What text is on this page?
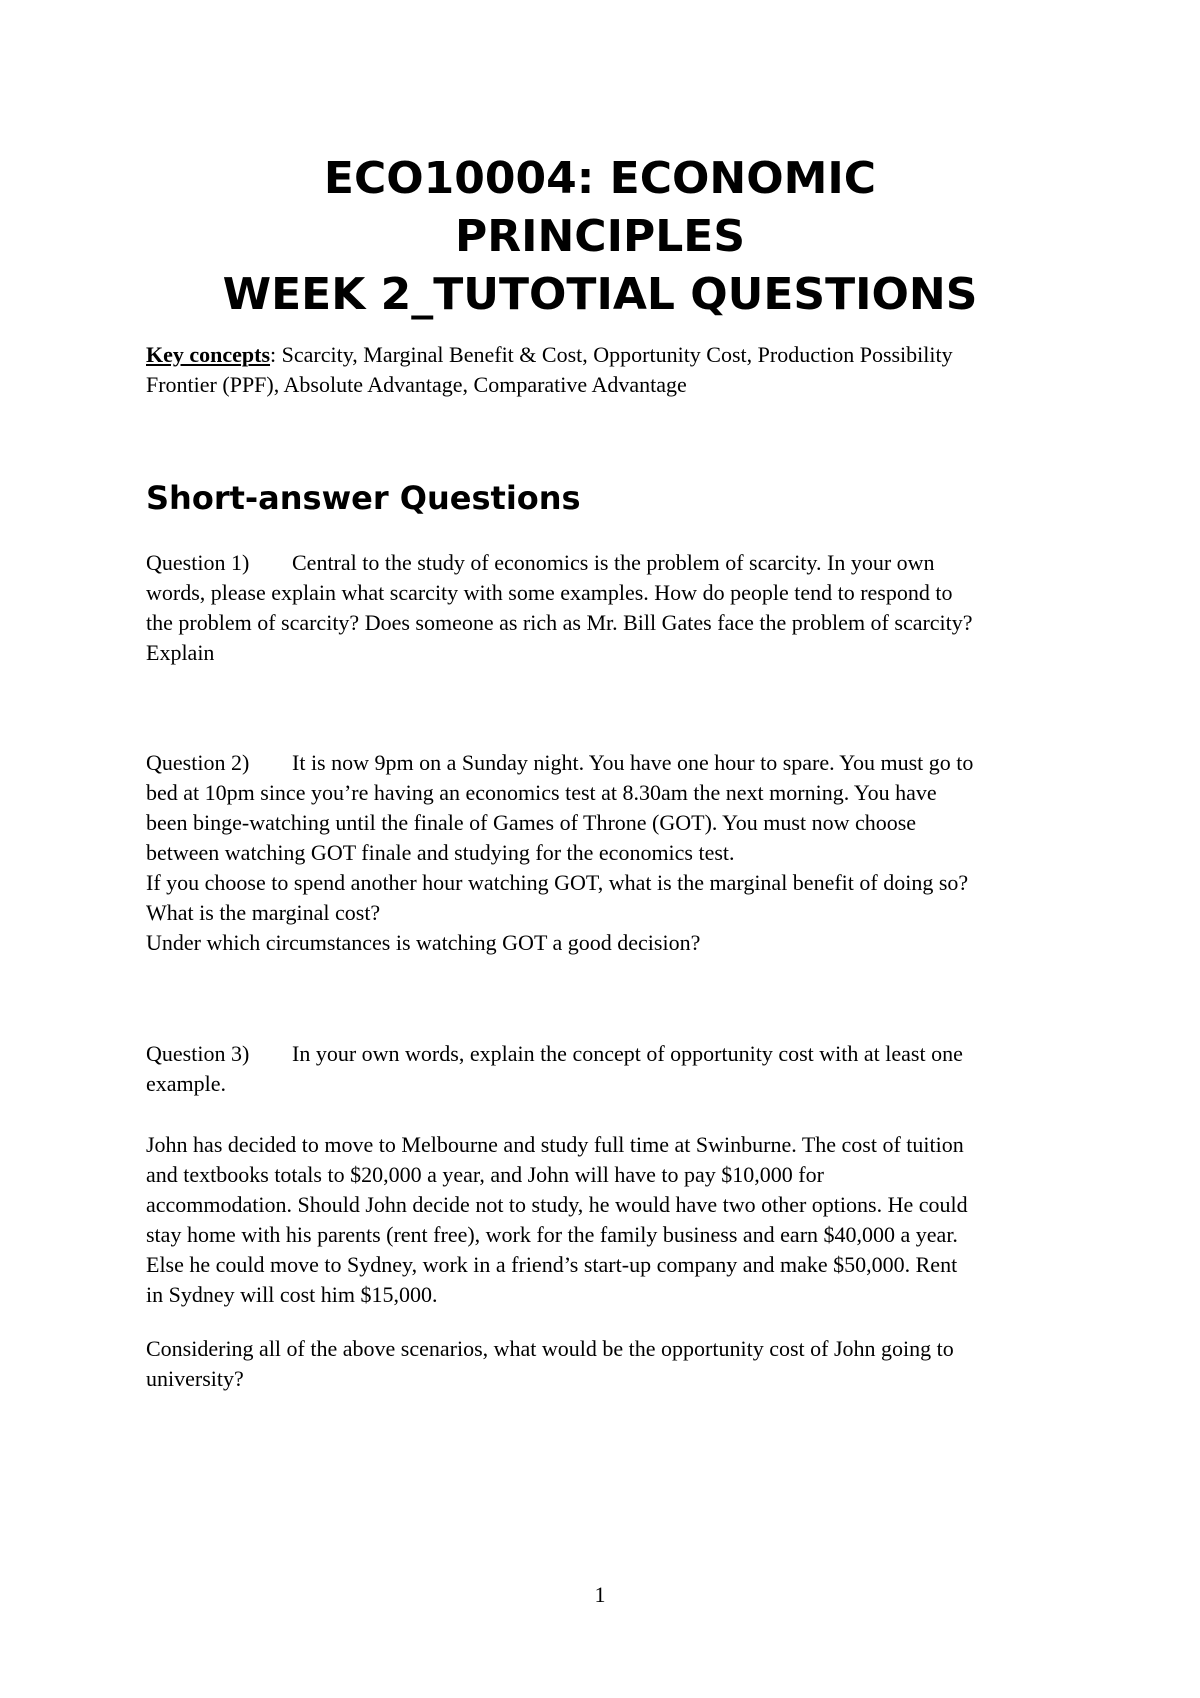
ECO10004: ECONOMIC
PRINCIPLES
WEEK 2_TUTOTIAL QUESTIONS

Key concepts: Scarcity, Marginal Benefit & Cost, Opportunity Cost, Production Possibility
Frontier (PPF), Absolute Advantage, Comparative Advantage

Short-answer Questions
Question 1) Central to the study of economics is the problem of scarcity. In your own
words, please explain what scarcity with some examples. How do people tend to respond to
the problem of scarcity? Does someone as rich as Mr. Bill Gates face the problem of scarcity?
Explain
Question 2) It is now 9pm on a Sunday night. You have one hour to spare. You must go to
bed at 10pm since you’re having an economics test at 8.30am the next morning. You have
been binge-watching until the finale of Games of Throne (GOT). You must now choose
between watching GOT finale and studying for the economics test.
If you choose to spend another hour watching GOT, what is the marginal benefit of doing so?
What is the marginal cost?
Under which circumstances is watching GOT a good decision?
Question 3) In your own words, explain the concept of opportunity cost with at least one
example.
John has decided to move to Melbourne and study full time at Swinburne. The cost of tuition
and textbooks totals to $20,000 a year, and John will have to pay $10,000 for
accommodation. Should John decide not to study, he would have two other options. He could
stay home with his parents (rent free), work for the family business and earn $40,000 a year.
Else he could move to Sydney, work in a friend’s start-up company and make $50,000. Rent
in Sydney will cost him $15,000.
Considering all of the above scenarios, what would be the opportunity cost of John going to
university?
1
